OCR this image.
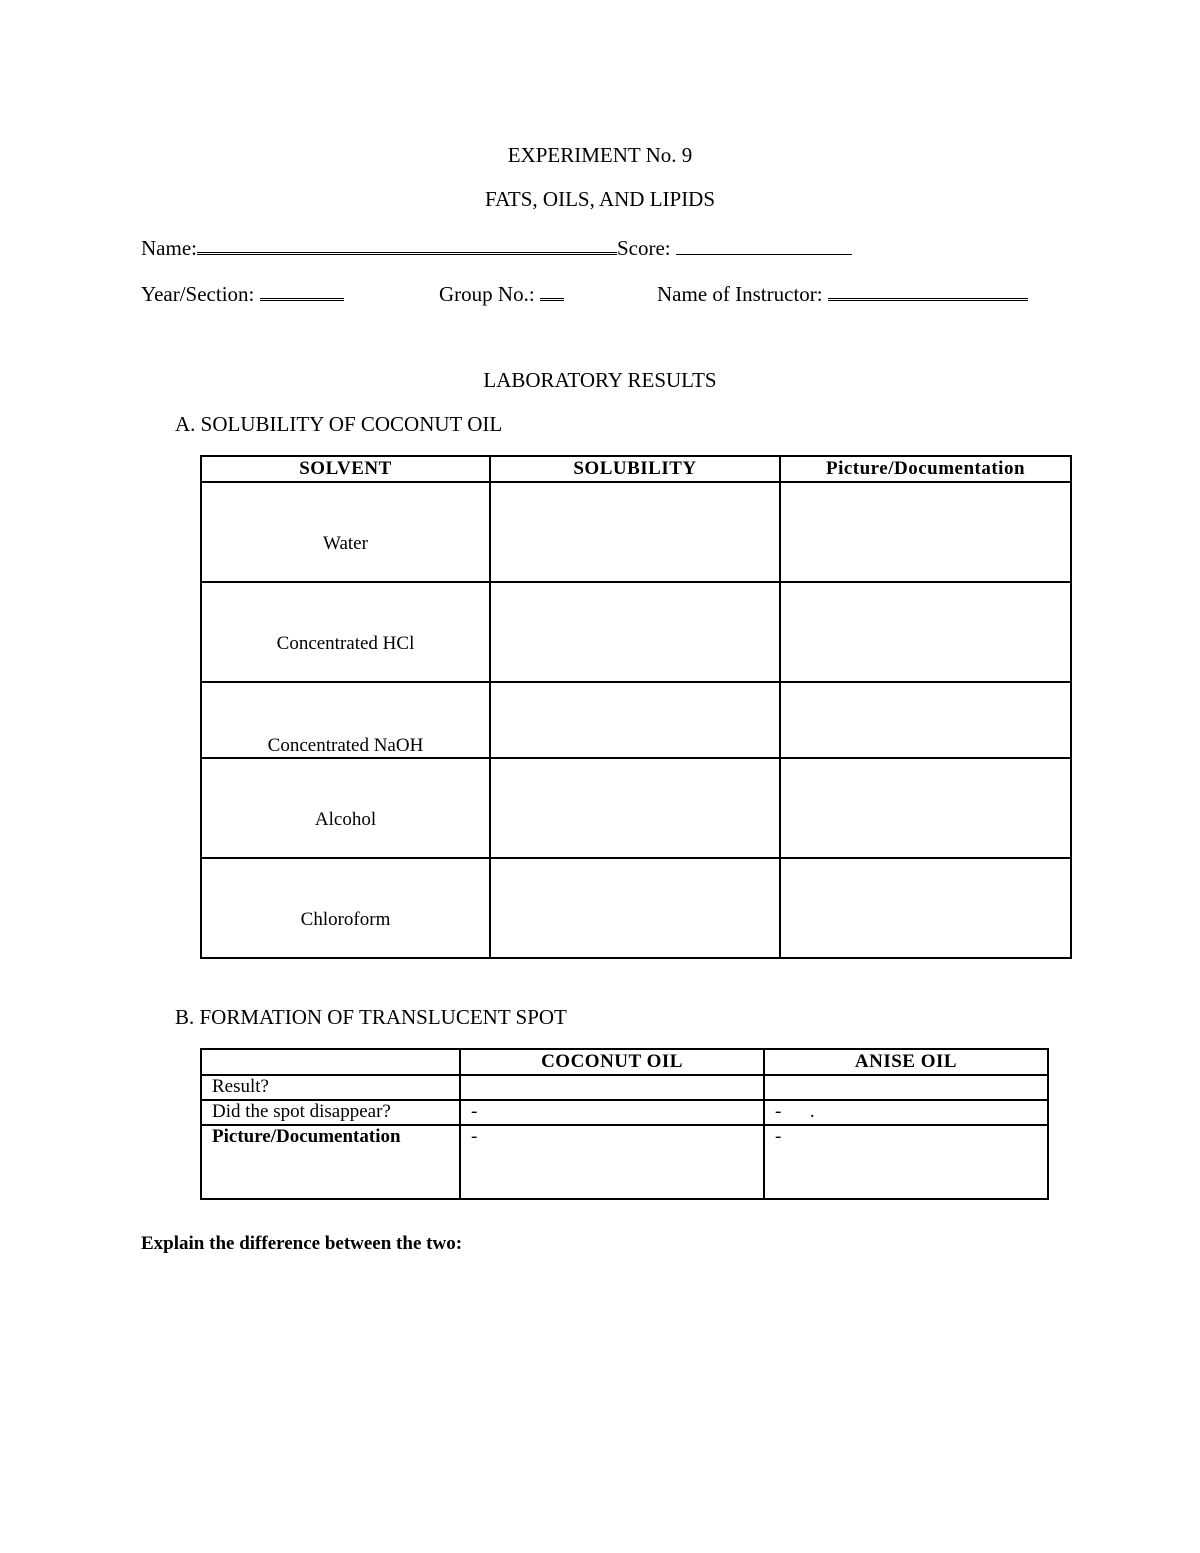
EXPERIMENT No. 9
FATS, OILS, AND LIPIDS
Name:	Score:
Year/Section:	Group No.:	Name of Instructor:
LABORATORY RESULTS
A. SOLUBILITY OF COCONUT OIL
SOLVENT	SOLUBILITY	Picture/Documentation
Water		
Concentrated HCl		
Concentrated NaOH		
Alcohol		
Chloroform		
B. FORMATION OF TRANSLUCENT SPOT
	COCONUT OIL	ANISE OIL
Result?		
Did the spot disappear?	-	-      .
Picture/Documentation	-	-
Explain the difference between the two:
